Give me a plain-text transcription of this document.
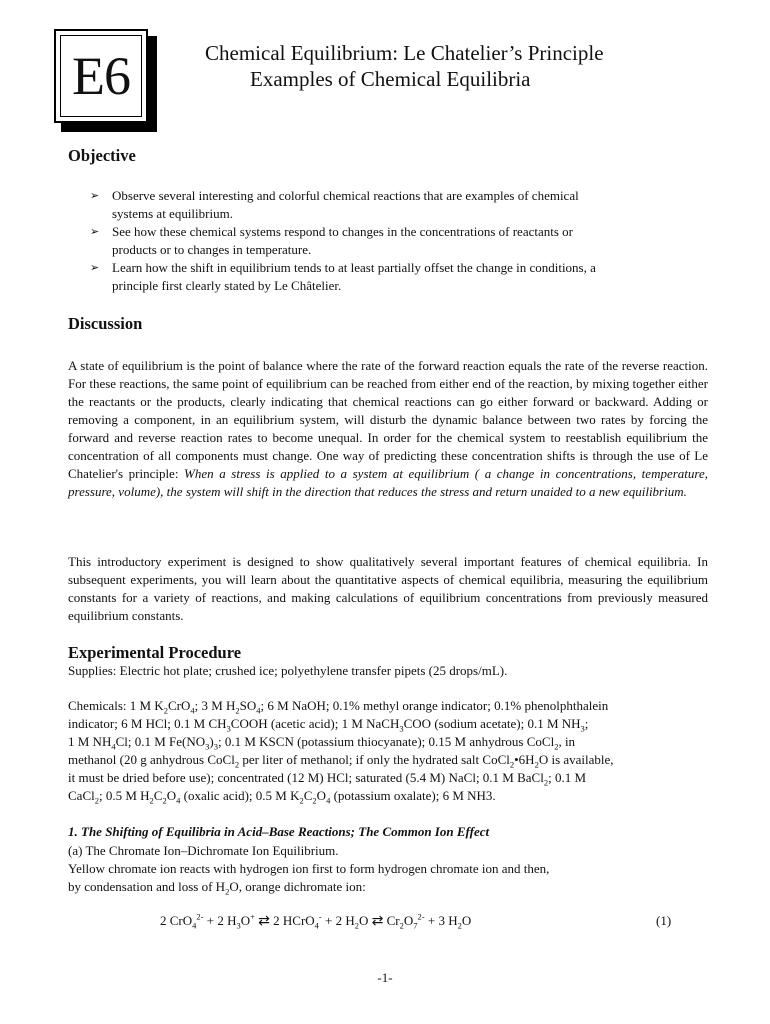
E6	Chemical Equilibrium: Le Chatelier’s Principle
Examples of Chemical Equilibria
Objective
➢ Observe several interesting and colorful chemical reactions that are examples of chemical
systems at equilibrium.
➢ See how these chemical systems respond to changes in the concentrations of reactants or
products or to changes in temperature.
➢ Learn how the shift in equilibrium tends to at least partially offset the change in conditions, a
principle first clearly stated by Le Châtelier.
Discussion

A state of equilibrium is the point of balance where the rate of the forward reaction equals the rate of the reverse reaction. For these reactions, the same point of equilibrium can be reached from either end of the reaction, by mixing together either the reactants or the products, clearly indicating that chemical reactions can go either forward or backward. Adding or removing a component, in an equilibrium system, will disturb the dynamic balance between two rates by forcing the forward and reverse reaction rates to become unequal. In order for the chemical system to reestablish equilibrium the concentration of all components must change. One way of predicting these concentration shifts is through the use of Le Chatelier's principle: When a stress is applied to a system at equilibrium ( a change in concentrations, temperature, pressure, volume), the system will shift in the direction that reduces the stress and return unaided to a new equilibrium.

This introductory experiment is designed to show qualitatively several important features of chemical equilibria. In subsequent experiments, you will learn about the quantitative aspects of chemical equilibria, measuring the equilibrium constants for a variety of reactions, and making calculations of equilibrium concentrations from previously measured equilibrium constants.

Experimental Procedure
Supplies: Electric hot plate; crushed ice; polyethylene transfer pipets (25 drops/mL).
Chemicals: 1 M $K_2CrO_4$; 3 M $H_2SO_4$; 6 M NaOH; 0.1% methyl orange indicator; 0.1% phenolphthalein
indicator; 6 M HCl; 0.1 M $CH_3COOH$ (acetic acid); 1 M NaCH$_3$COO (sodium acetate); 0.1 M $NH_3$;
1 M $NH_4Cl$; 0.1 M $Fe(NO_3)_3$; 0.1 M KSCN (potassium thiocyanate); 0.15 M anhydrous CoCl$_2$, in
methanol (20 g anhydrous CoCl$_2$ per liter of methanol; if only the hydrated salt $CoCl_2•6H_2O$ is available,
it must be dried before use); concentrated (12 M) HCl; saturated (5.4 M) NaCl; 0.1 M BaCl$_2$; 0.1 M
CaCl$_2$; 0.5 M $H_2C_2O_4$ (oxalic acid); 0.5 M $K_2C_2O_4$ (potassium oxalate); 6 M NH3.
1. The Shifting of Equilibria in Acid–Base Reactions; The Common Ion Effect
(a) The Chromate Ion–Dichromate Ion Equilibrium.
Yellow chromate ion reacts with hydrogen ion first to form hydrogen chromate ion and then,
by condensation and loss of $H_2O$, orange dichromate ion:
2 CrO$_4^{2-}$ + 2 $H_3O^+$ ⇄ 2 HCrO$_4$- + 2 $H_2O$ ⇄ $Cr_2O_7^{2-} + 3$ $H_2O$	(1)
-1-
